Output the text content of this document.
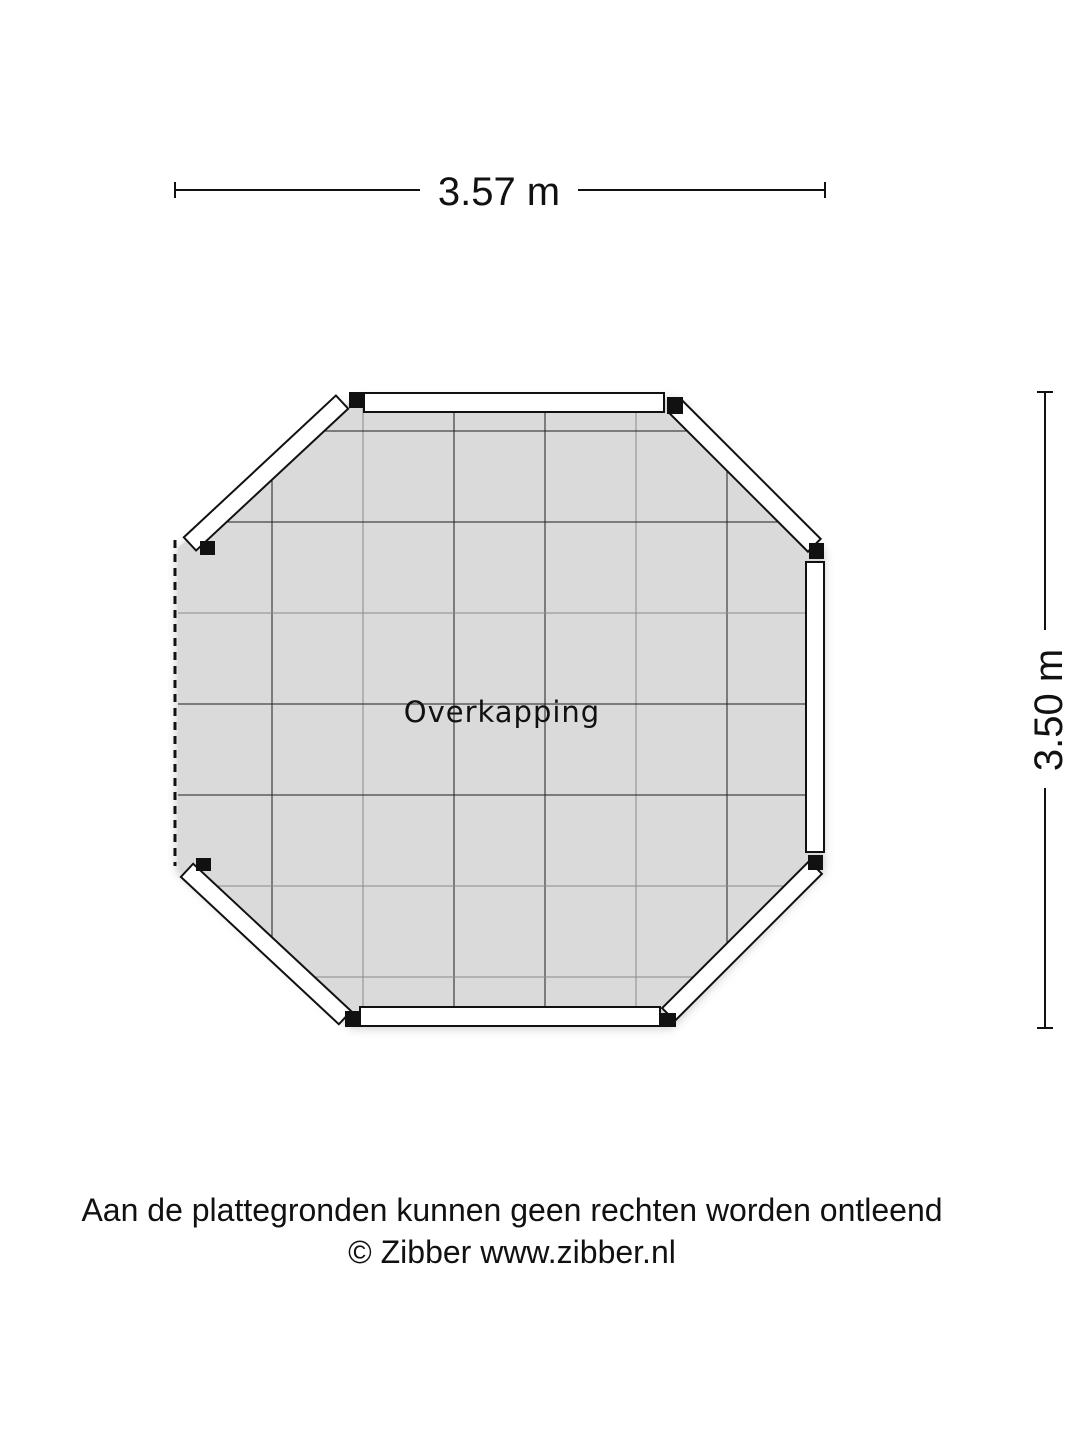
3.57 m
3.50 m
Overkapping
Aan de plattegronden kunnen geen rechten worden ontleend
© Zibber www.zibber.nl
